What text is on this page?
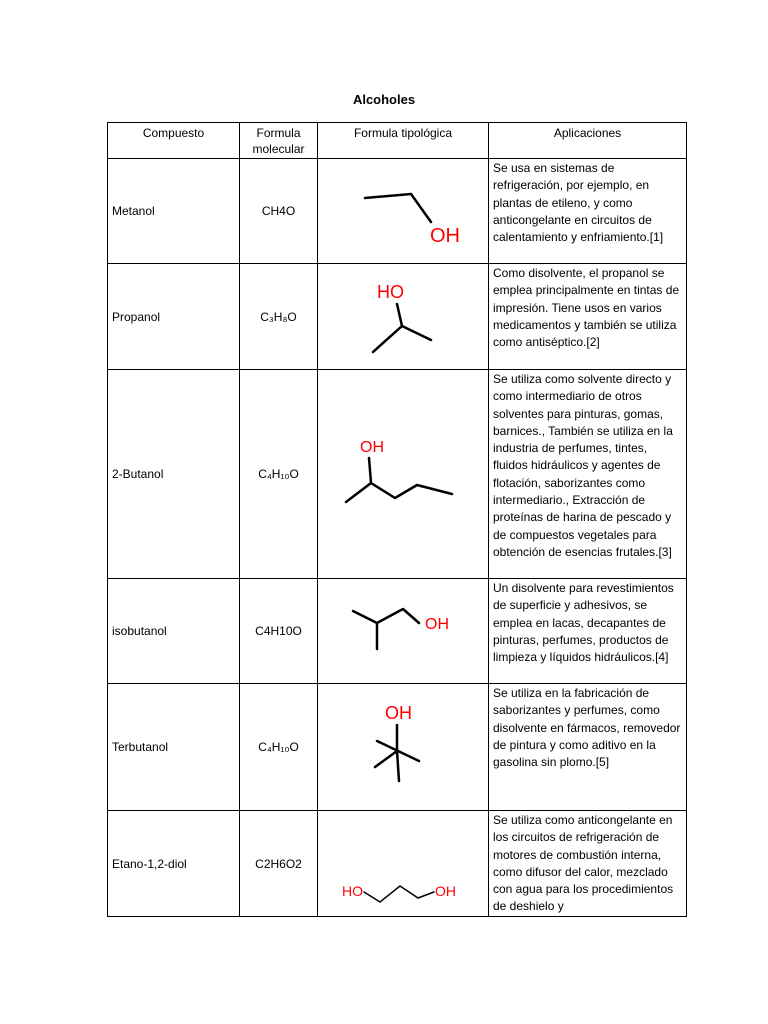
Alcoholes
Compuesto	Formula molecular	Formula tipológica	Aplicaciones
Metanol	CH4O	OH	Se usa en sistemas de refrigeración, por ejemplo, en plantas de etileno, y como anticongelante en circuitos de calentamiento y enfriamiento.[1]
Propanol	C₃H₈O	HO	Como disolvente, el propanol se emplea principalmente en tintas de impresión. Tiene usos en varios medicamentos y también se utiliza como antiséptico.[2]
2-Butanol	C₄H₁₀O	OH	Se utiliza como solvente directo y como intermediario de otros solventes para pinturas, gomas, barnices., También se utiliza en la industria de perfumes, tintes, fluidos hidráulicos y agentes de flotación, saborizantes como intermediario., Extracción de proteínas de harina de pescado y de compuestos vegetales para obtención de esencias frutales.[3]
isobutanol	C4H10O	OH	Un disolvente para revestimientos de superficie y adhesivos, se emplea en lacas, decapantes de pinturas, perfumes, productos de limpieza y líquidos hidráulicos.[4]
Terbutanol	C₄H₁₀O	OH	Se utiliza en la fabricación de saborizantes y perfumes, como disolvente en fármacos, removedor de pintura y como aditivo en la gasolina sin plomo.[5]
Etano-1,2-diol	C2H6O2	HO OH	Se utiliza como anticongelante en los circuitos de refrigeración de motores de combustión interna, como difusor del calor, mezclado con agua para los procedimientos de deshielo y
